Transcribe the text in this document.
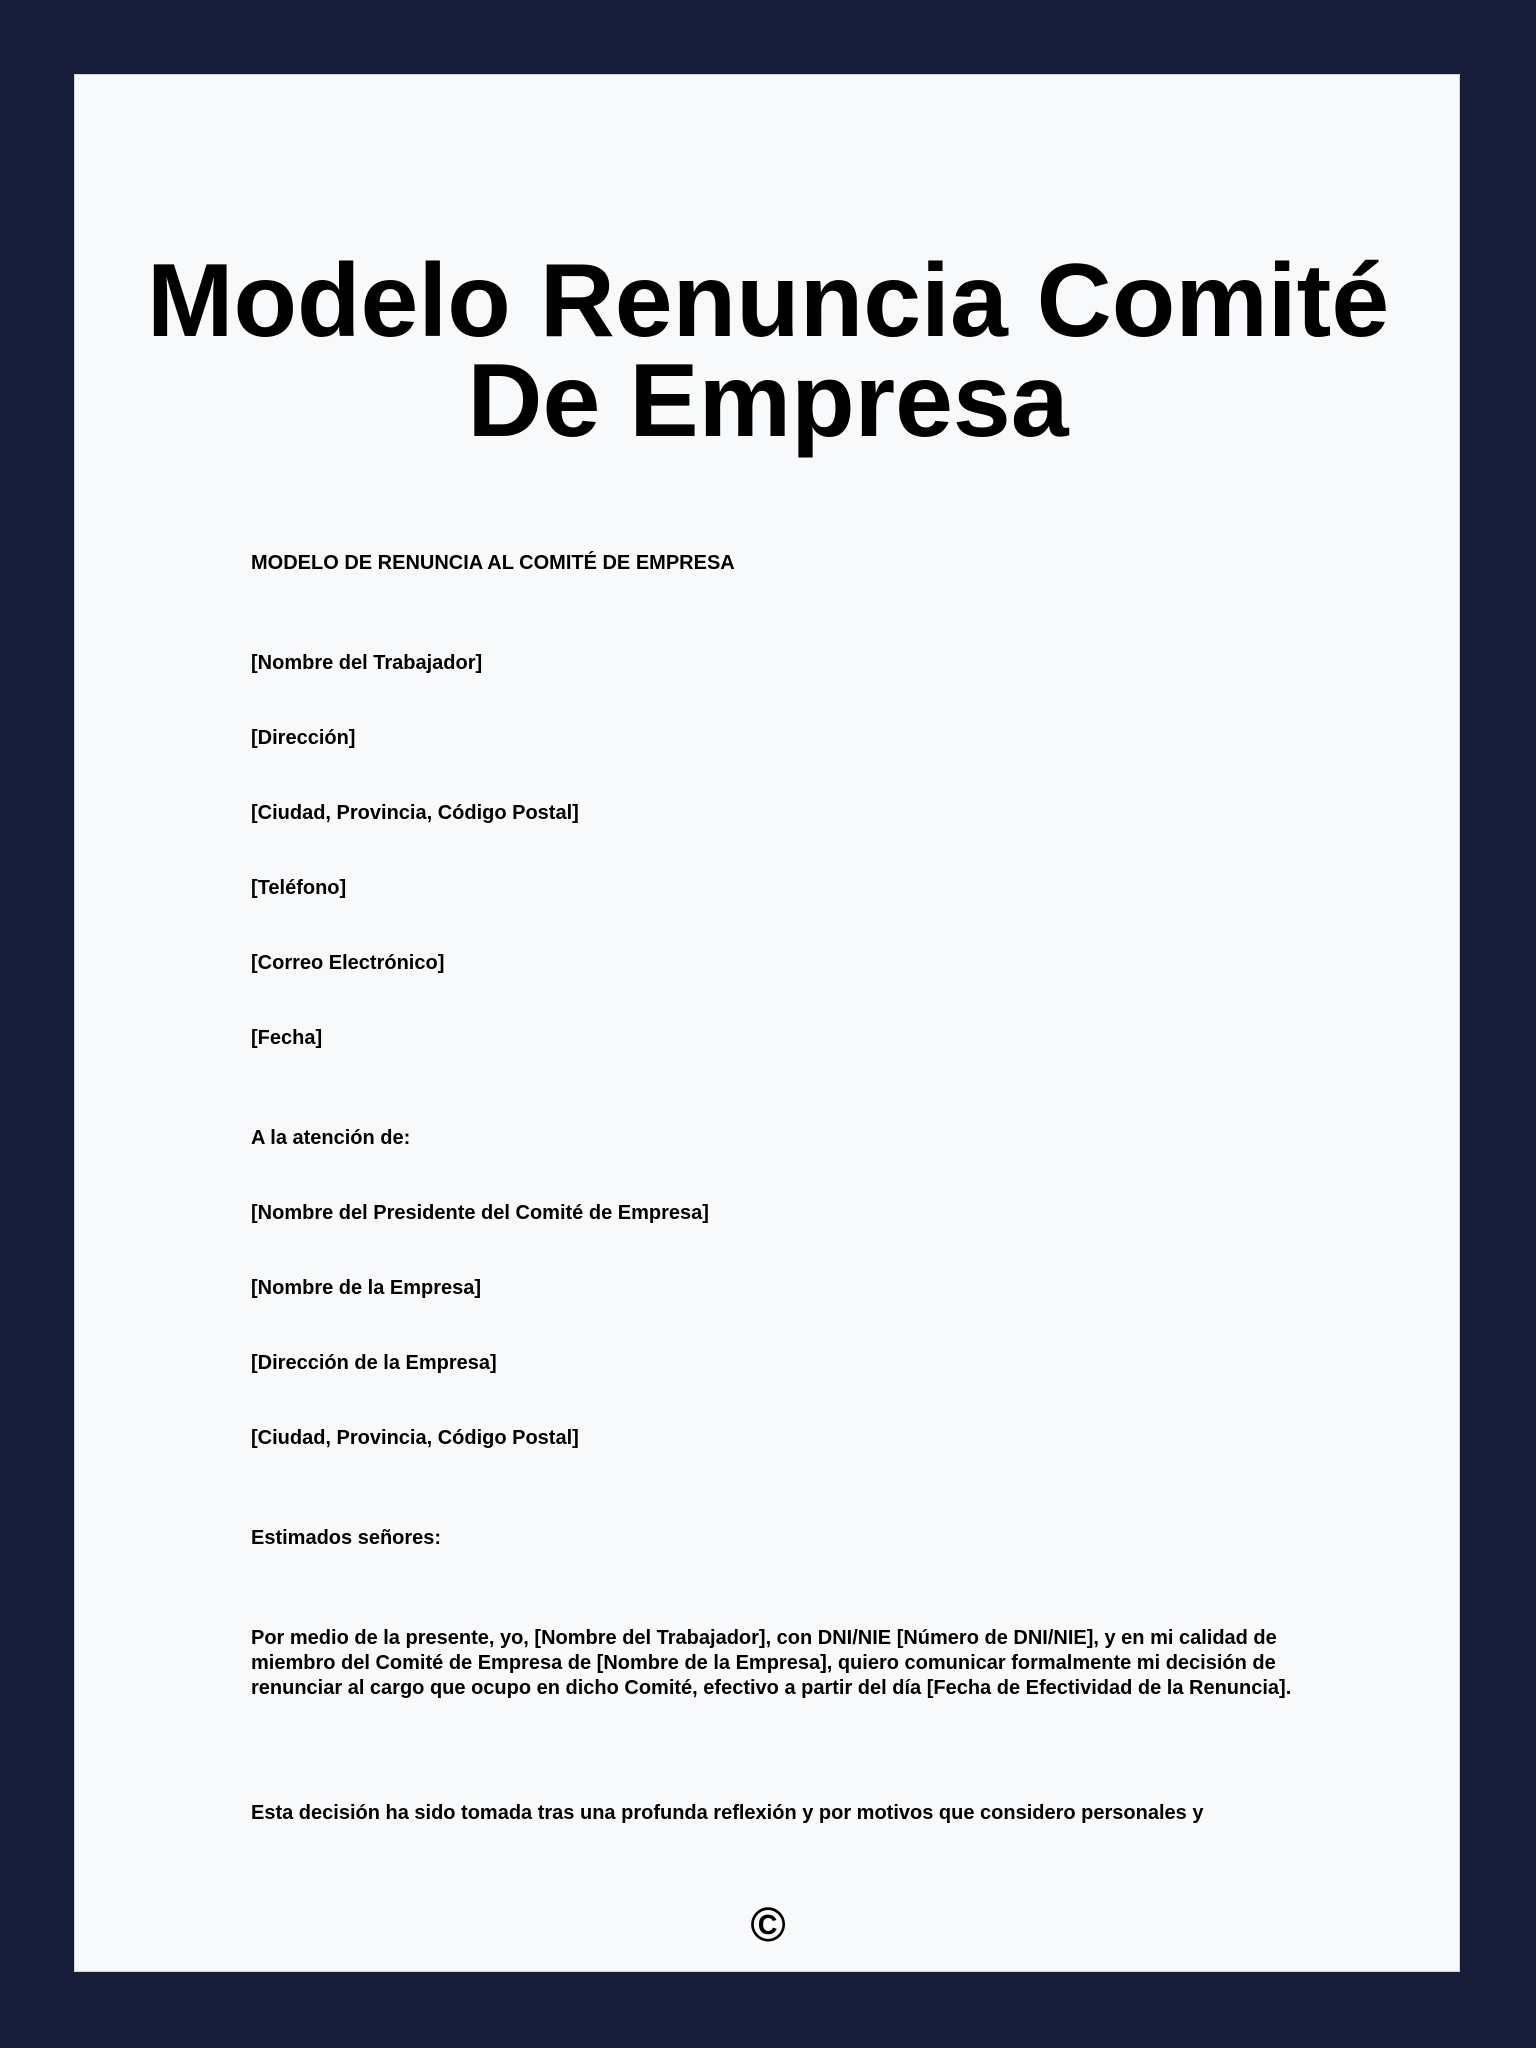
Modelo Renuncia Comité De Empresa

MODELO DE RENUNCIA AL COMITÉ DE EMPRESA

[Nombre del Trabajador]

[Dirección]

[Ciudad, Provincia, Código Postal]

[Teléfono]

[Correo Electrónico]

[Fecha]

A la atención de:

[Nombre del Presidente del Comité de Empresa]

[Nombre de la Empresa]

[Dirección de la Empresa]

[Ciudad, Provincia, Código Postal]

Estimados señores:

Por medio de la presente, yo, [Nombre del Trabajador], con DNI/NIE [Número de DNI/NIE], y en mi calidad de miembro del Comité de Empresa de [Nombre de la Empresa], quiero comunicar formalmente mi decisión de renunciar al cargo que ocupo en dicho Comité, efectivo a partir del día [Fecha de Efectividad de la Renuncia].

Esta decisión ha sido tomada tras una profunda reflexión y por motivos que considero personales y

©
